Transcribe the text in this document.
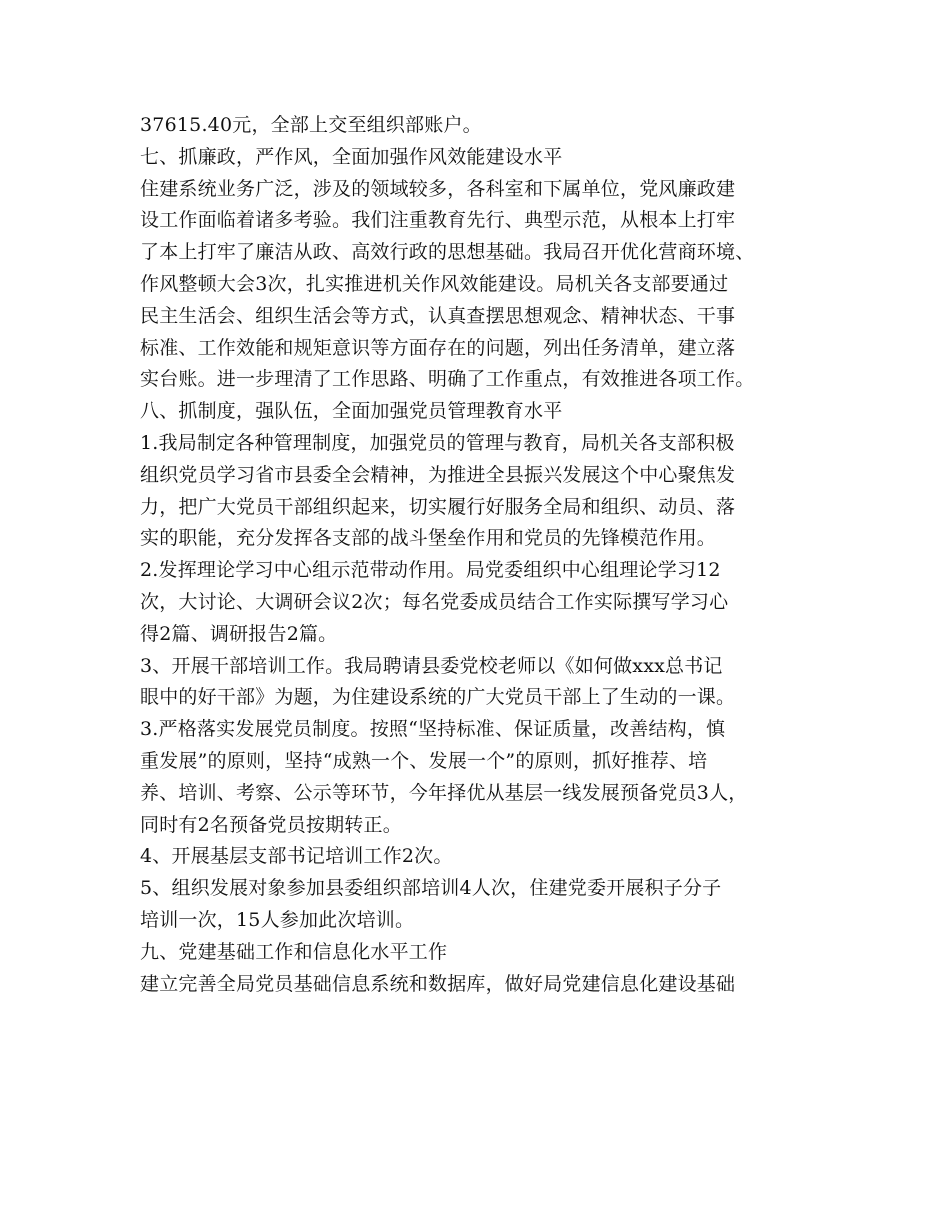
37615.40元，全部上交至组织部账户。
七、抓廉政，严作风，全面加强作风效能建设水平
住建系统业务广泛，涉及的领域较多，各科室和下属单位，党风廉政建
设工作面临着诸多考验。我们注重教育先行、典型示范，从根本上打牢
了本上打牢了廉洁从政、高效行政的思想基础。我局召开优化营商环境、
作风整顿大会3次，扎实推进机关作风效能建设。局机关各支部要通过
民主生活会、组织生活会等方式，认真查摆思想观念、精神状态、干事
标准、工作效能和规矩意识等方面存在的问题，列出任务清单，建立落
实台账。进一步理清了工作思路、明确了工作重点，有效推进各项工作。
八、抓制度，强队伍，全面加强党员管理教育水平
1.我局制定各种管理制度，加强党员的管理与教育，局机关各支部积极
组织党员学习省市县委全会精神，为推进全县振兴发展这个中心聚焦发
力，把广大党员干部组织起来，切实履行好服务全局和组织、动员、落
实的职能，充分发挥各支部的战斗堡垒作用和党员的先锋模范作用。
2.发挥理论学习中心组示范带动作用。局党委组织中心组理论学习12
次，大讨论、大调研会议2次；每名党委成员结合工作实际撰写学习心
得2篇、调研报告2篇。
3、开展干部培训工作。我局聘请县委党校老师以《如何做xxx总书记
眼中的好干部》为题，为住建设系统的广大党员干部上了生动的一课。
3.严格落实发展党员制度。按照“坚持标准、保证质量，改善结构，慎
重发展”的原则，坚持“成熟一个、发展一个”的原则，抓好推荐、培
养、培训、考察、公示等环节，今年择优从基层一线发展预备党员3人，
同时有2名预备党员按期转正。
4、开展基层支部书记培训工作2次。
5、组织发展对象参加县委组织部培训4人次，住建党委开展积子分子
培训一次，15人参加此次培训。
九、党建基础工作和信息化水平工作
建立完善全局党员基础信息系统和数据库，做好局党建信息化建设基础
